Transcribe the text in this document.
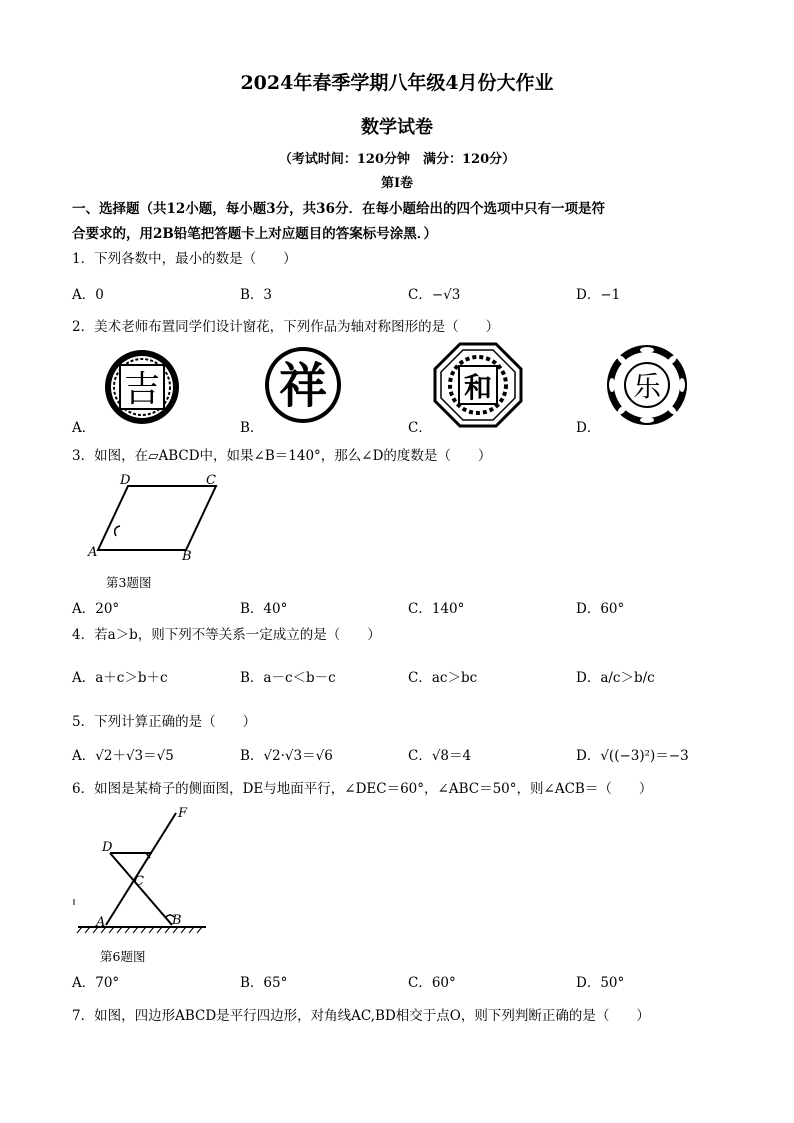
2024年春季学期八年级4月份大作业
数学试卷
（考试时间：120分钟　满分：120分）
第Ⅰ卷
一、选择题（共12小题，每小题3分，共36分．在每小题给出的四个选项中只有一项是符
合要求的，用2B铅笔把答题卡上对应题目的答案标号涂黑．）
1．下列各数中，最小的数是（　　）
A．0	B．3	C．−√3	D．−1
2．美术老师布置同学们设计窗花，下列作品为轴对称图形的是（　　）
吉 祥	和	乐
A．	B．	C．	D．
3．如图，在▱ABCD中，如果∠B＝140°，那么∠D的度数是（　　）
D	C
A	B
第3题图
A．20°	B．40°	C．140°	D．60°
4．若a＞b，则下列不等关系一定成立的是（　　）
A．a＋c＞b＋c	B．a－c＜b－c	C．ac＞bc	D．a/c＞b/c
5．下列计算正确的是（　　）
A．√2＋√3＝√5	B．√2·√3＝√6	C．√8＝4	D．√((−3)²)＝−3
6．如图是某椅子的侧面图，DE与地面平行，∠DEC＝60°，∠ABC＝50°，则∠ACB＝（　　）
F
D
C
A	B
第6题图
A．70°	B．65°	C．60°	D．50°
7．如图，四边形ABCD是平行四边形，对角线AC,BD相交于点O，则下列判断正确的是（　　）
